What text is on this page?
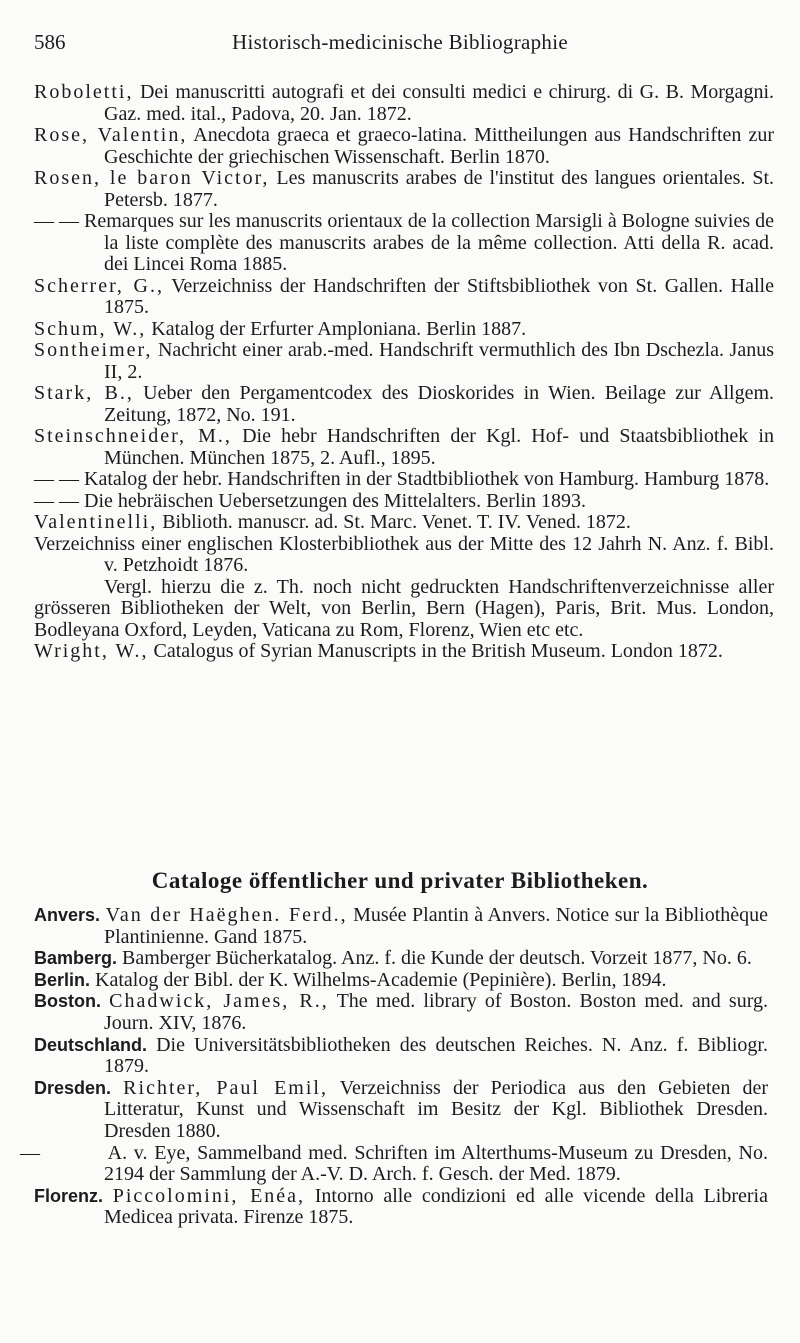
586	Historisch-medicinische Bibliographie

Roboletti, Dei manuscritti autografi et dei consulti medici e chirurg. di G. B. Morgagni. Gaz. med. ital., Padova, 20. Jan. 1872.

Rose, Valentin, Anecdota graeca et graeco-latina. Mittheilungen aus Handschriften zur Geschichte der griechischen Wissenschaft. Berlin 1870.

Rosen, le baron Victor, Les manuscrits arabes de l'institut des langues orientales. St. Petersb. 1877.

— — Remarques sur les manuscrits orientaux de la collection Marsigli à Bologne suivies de la liste complète des manuscrits arabes de la même collection. Atti della R. acad. dei Lincei Roma 1885.

Scherrer, G., Verzeichniss der Handschriften der Stiftsbibliothek von St. Gallen. Halle 1875.

Schum, W., Katalog der Erfurter Amploniana. Berlin 1887.

Sontheimer, Nachricht einer arab.-med. Handschrift vermuthlich des Ibn Dschezla. Janus II, 2.

Stark, B., Ueber den Pergamentcodex des Dioskorides in Wien. Beilage zur Allgem. Zeitung, 1872, No. 191.

Steinschneider, M., Die hebr Handschriften der Kgl. Hof- und Staatsbibliothek in München. München 1875, 2. Aufl., 1895.

— — Katalog der hebr. Handschriften in der Stadtbibliothek von Hamburg. Hamburg 1878.

— — Die hebräischen Uebersetzungen des Mittelalters. Berlin 1893.

Valentinelli, Biblioth. manuscr. ad. St. Marc. Venet. T. IV. Vened. 1872.

Verzeichniss einer englischen Klosterbibliothek aus der Mitte des 12 Jahrh N. Anz. f. Bibl. v. Petzhoidt 1876.

Vergl. hierzu die z. Th. noch nicht gedruckten Handschriftenverzeichnisse aller grösseren Bibliotheken der Welt, von Berlin, Bern (Hagen), Paris, Brit. Mus. London, Bodleyana Oxford, Leyden, Vaticana zu Rom, Florenz, Wien etc etc.

Wright, W., Catalogus of Syrian Manuscripts in the British Museum. London 1872.

Cataloge öffentlicher und privater Bibliotheken.

Anvers. Van der Haëghen. Ferd., Musée Plantin à Anvers. Notice sur la Bibliothèque Plantinienne. Gand 1875.

Bamberg. Bamberger Bücherkatalog. Anz. f. die Kunde der deutsch. Vorzeit 1877, No. 6.

Berlin. Katalog der Bibl. der K. Wilhelms-Academie (Pepinière). Berlin, 1894.

Boston. Chadwick, James, R., The med. library of Boston. Boston med. and surg. Journ. XIV, 1876.

Deutschland. Die Universitätsbibliotheken des deutschen Reiches. N. Anz. f. Bibliogr. 1879.

Dresden. Richter, Paul Emil, Verzeichniss der Periodica aus den Gebieten der Litteratur, Kunst und Wissenschaft im Besitz der Kgl. Bibliothek Dresden. Dresden 1880.

—	A. v. Eye, Sammelband med. Schriften im Alterthums-Museum zu Dresden, No. 2194 der Sammlung der A.-V. D. Arch. f. Gesch. der Med. 1879.

Florenz. Piccolomini, Enéa, Intorno alle condizioni ed alle vicende della Libreria Medicea privata. Firenze 1875.
